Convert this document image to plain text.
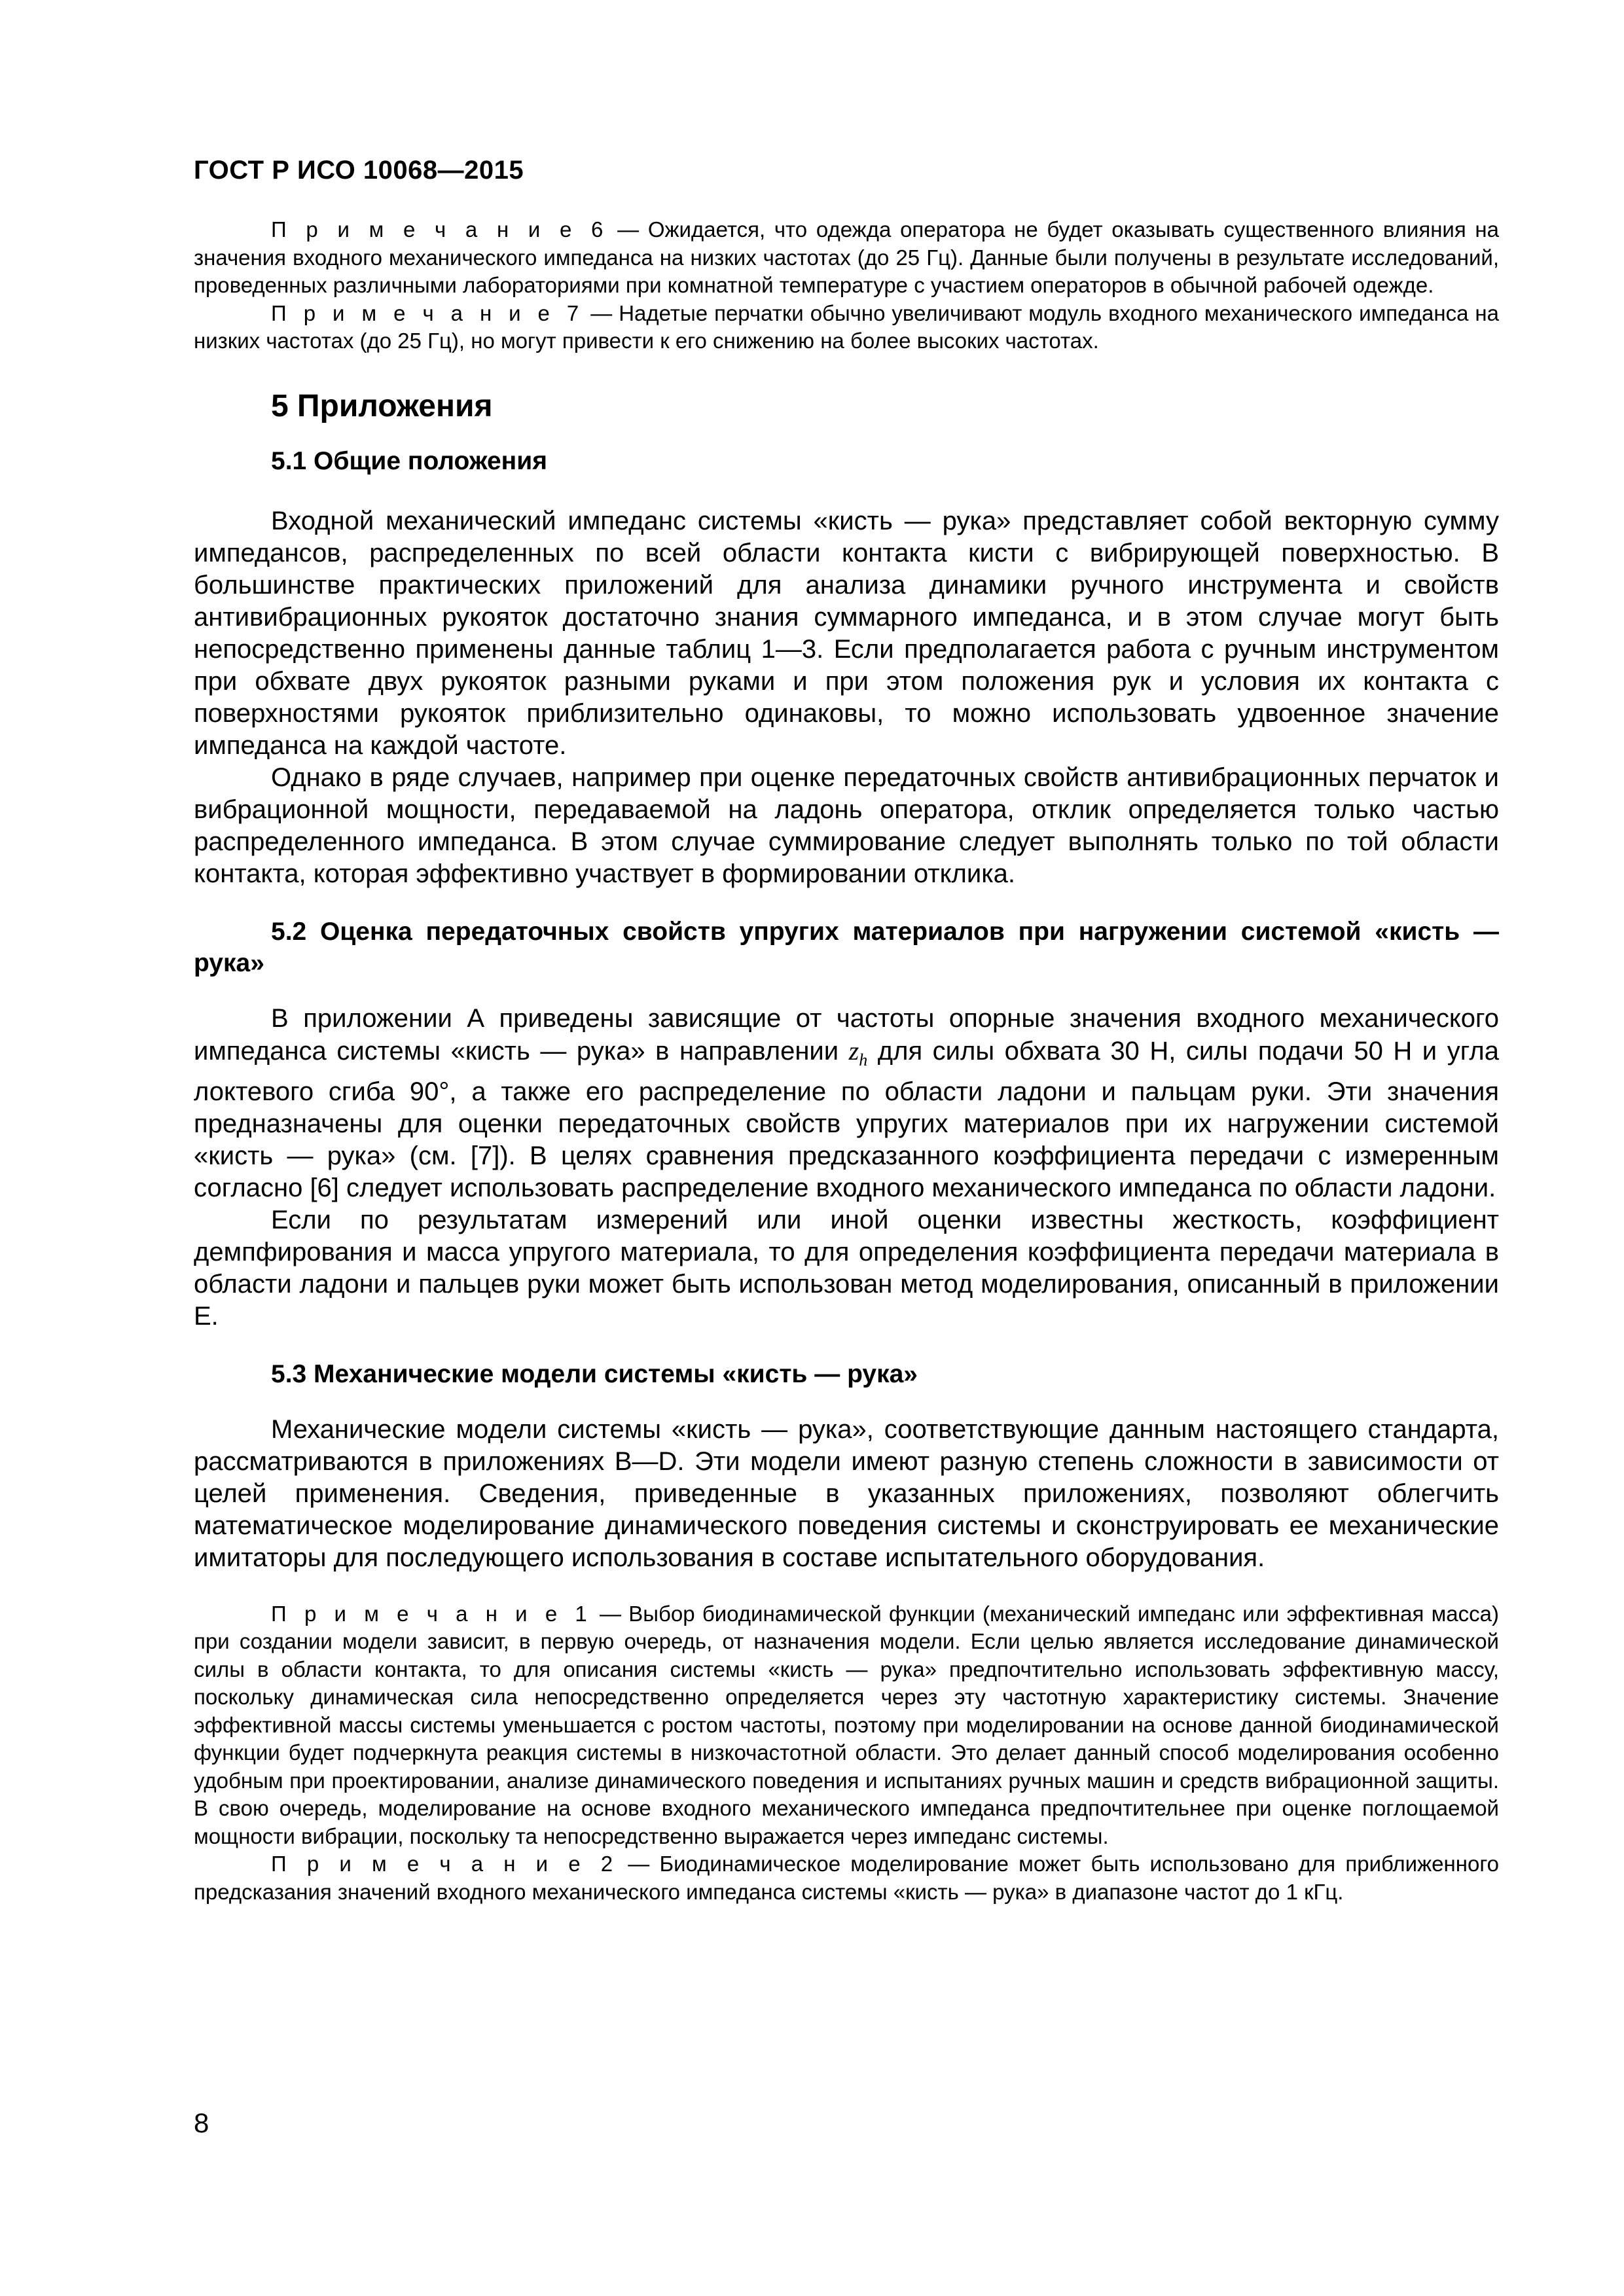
ГОСТ Р ИСО 10068—2015

П р и м е ч а н и е 6 — Ожидается, что одежда оператора не будет оказывать существенного влияния на значения входного механического импеданса на низких частотах (до 25 Гц). Данные были получены в результате исследований, проведенных различными лабораториями при комнатной температуре с участием операторов в обычной рабочей одежде.

П р и м е ч а н и е 7 — Надетые перчатки обычно увеличивают модуль входного механического импеданса на низких частотах (до 25 Гц), но могут привести к его снижению на более высоких частотах.

5 Приложения
5.1 Общие положения

Входной механический импеданс системы «кисть — рука» представляет собой векторную сумму импедансов, распределенных по всей области контакта кисти с вибрирующей поверхностью. В большинстве практических приложений для анализа динамики ручного инструмента и свойств антивибрационных рукояток достаточно знания суммарного импеданса, и в этом случае могут быть непосредственно применены данные таблиц 1—3. Если предполагается работа с ручным инструментом при обхвате двух рукояток разными руками и при этом положения рук и условия их контакта с поверхностями рукояток приблизительно одинаковы, то можно использовать удвоенное значение импеданса на каждой частоте.

Однако в ряде случаев, например при оценке передаточных свойств антивибрационных перчаток и вибрационной мощности, передаваемой на ладонь оператора, отклик определяется только частью распределенного импеданса. В этом случае суммирование следует выполнять только по той области контакта, которая эффективно участвует в формировании отклика.

5.2 Оценка передаточных свойств упругих материалов при нагружении системой «кисть — рука»

В приложении А приведены зависящие от частоты опорные значения входного механического импеданса системы «кисть — рука» в направлении $z_h$ для силы обхвата 30 Н, силы подачи 50 Н и угла локтевого сгиба 90°, а также его распределение по области ладони и пальцам руки. Эти значения предназначены для оценки передаточных свойств упругих материалов при их нагружении системой «кисть — рука» (см. [7]). В целях сравнения предсказанного коэффициента передачи с измеренным согласно [6] следует использовать распределение входного механического импеданса по области ладони.

Если по результатам измерений или иной оценки известны жесткость, коэффициент демпфирования и масса упругого материала, то для определения коэффициента передачи материала в области ладони и пальцев руки может быть использован метод моделирования, описанный в приложении Е.

5.3 Механические модели системы «кисть — рука»

Механические модели системы «кисть — рука», соответствующие данным настоящего стандарта, рассматриваются в приложениях В—D. Эти модели имеют разную степень сложности в зависимости от целей применения. Сведения, приведенные в указанных приложениях, позволяют облегчить математическое моделирование динамического поведения системы и сконструировать ее механические имитаторы для последующего использования в составе испытательного оборудования.

П р и м е ч а н и е 1 — Выбор биодинамической функции (механический импеданс или эффективная масса) при создании модели зависит, в первую очередь, от назначения модели. Если целью является исследование динамической силы в области контакта, то для описания системы «кисть — рука» предпочтительно использовать эффективную массу, поскольку динамическая сила непосредственно определяется через эту частотную характеристику системы. Значение эффективной массы системы уменьшается с ростом частоты, поэтому при моделировании на основе данной биодинамической функции будет подчеркнута реакция системы в низкочастотной области. Это делает данный способ моделирования особенно удобным при проектировании, анализе динамического поведения и испытаниях ручных машин и средств вибрационной защиты. В свою очередь, моделирование на основе входного механического импеданса предпочтительнее при оценке поглощаемой мощности вибрации, поскольку та непосредственно выражается через импеданс системы.

П р и м е ч а н и е 2 — Биодинамическое моделирование может быть использовано для приближенного предсказания значений входного механического импеданса системы «кисть — рука» в диапазоне частот до 1 кГц.

8
